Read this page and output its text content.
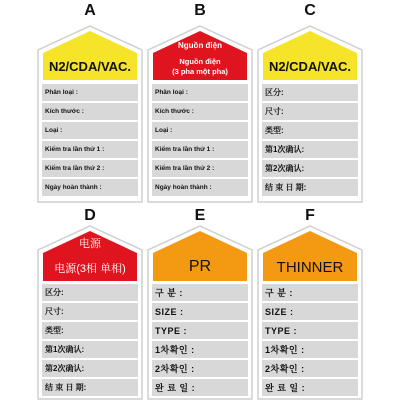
A
N2/CDA/VAC.
Phân loại :
Kích thước :
Loại :
Kiểm tra lần thứ 1 :
Kiểm tra lần thứ 2 :
Ngày hoàn thành :
B
Nguồn điện
Nguồn điện
(3 pha một pha)
Phân loại :
Kích thước :
Loại :
Kiểm tra lần thứ 1 :
Kiểm tra lần thứ 2 :
Ngày hoàn thành :
C
N2/CDA/VAC.
区分:
尺寸:
类型:
第1次确认:
第2次确认:
结 束 日 期:
D
电源
电源(3相 单相)
区分:
尺寸:
类型:
第1次确认:
第2次确认:
结 束 日 期:
E
PR
구 분 :
SIZE :
TYPE :
1차확인 :
2차확인 :
완 료 일 :
F
THINNER
구 분 :
SIZE :
TYPE :
1차확인 :
2차확인 :
완 료 일 :
